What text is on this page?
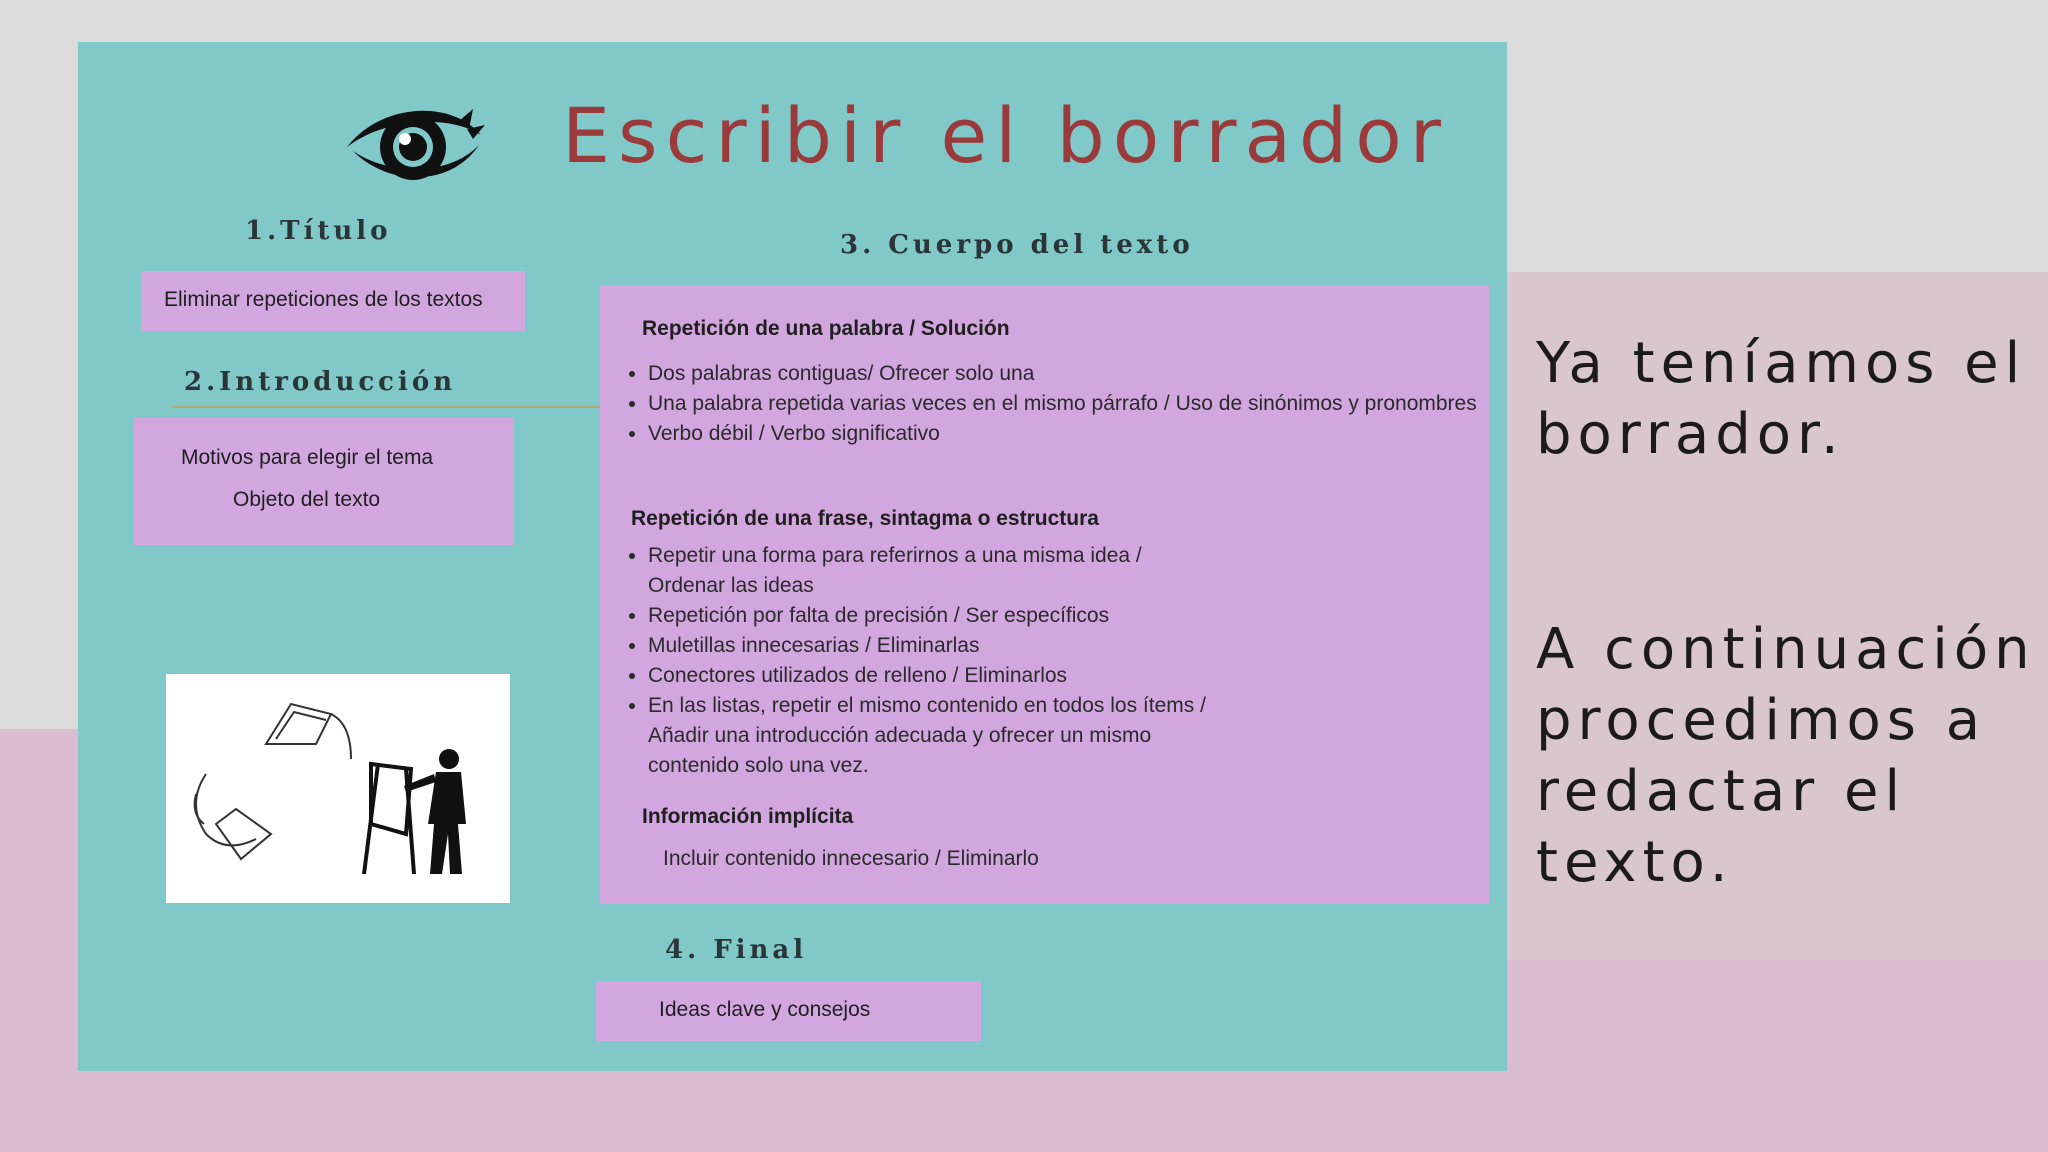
Escribir el borrador
1.Título
Eliminar repeticiones de los textos
2.Introducción
Motivos para elegir el tema
Objeto del texto
3. Cuerpo del texto
Repetición de una palabra / Solución
• Dos palabras contiguas/ Ofrecer solo una
• Una palabra repetida varias veces en el mismo párrafo / Uso de sinónimos y pronombres
• Verbo débil / Verbo significativo
Repetición de una frase, sintagma o estructura
• Repetir una forma para referirnos a una misma idea / Ordenar las ideas
• Repetición por falta de precisión / Ser específicos
• Muletillas innecesarias / Eliminarlas
• Conectores utilizados de relleno / Eliminarlos
• En las listas, repetir el mismo contenido en todos los ítems / Añadir una introducción adecuada y ofrecer un mismo contenido solo una vez.
Información implícita
Incluir contenido innecesario / Eliminarlo
4. Final
Ideas clave y consejos
Ya teníamos el
borrador.
A continuación
procedimos a
redactar el
texto.
